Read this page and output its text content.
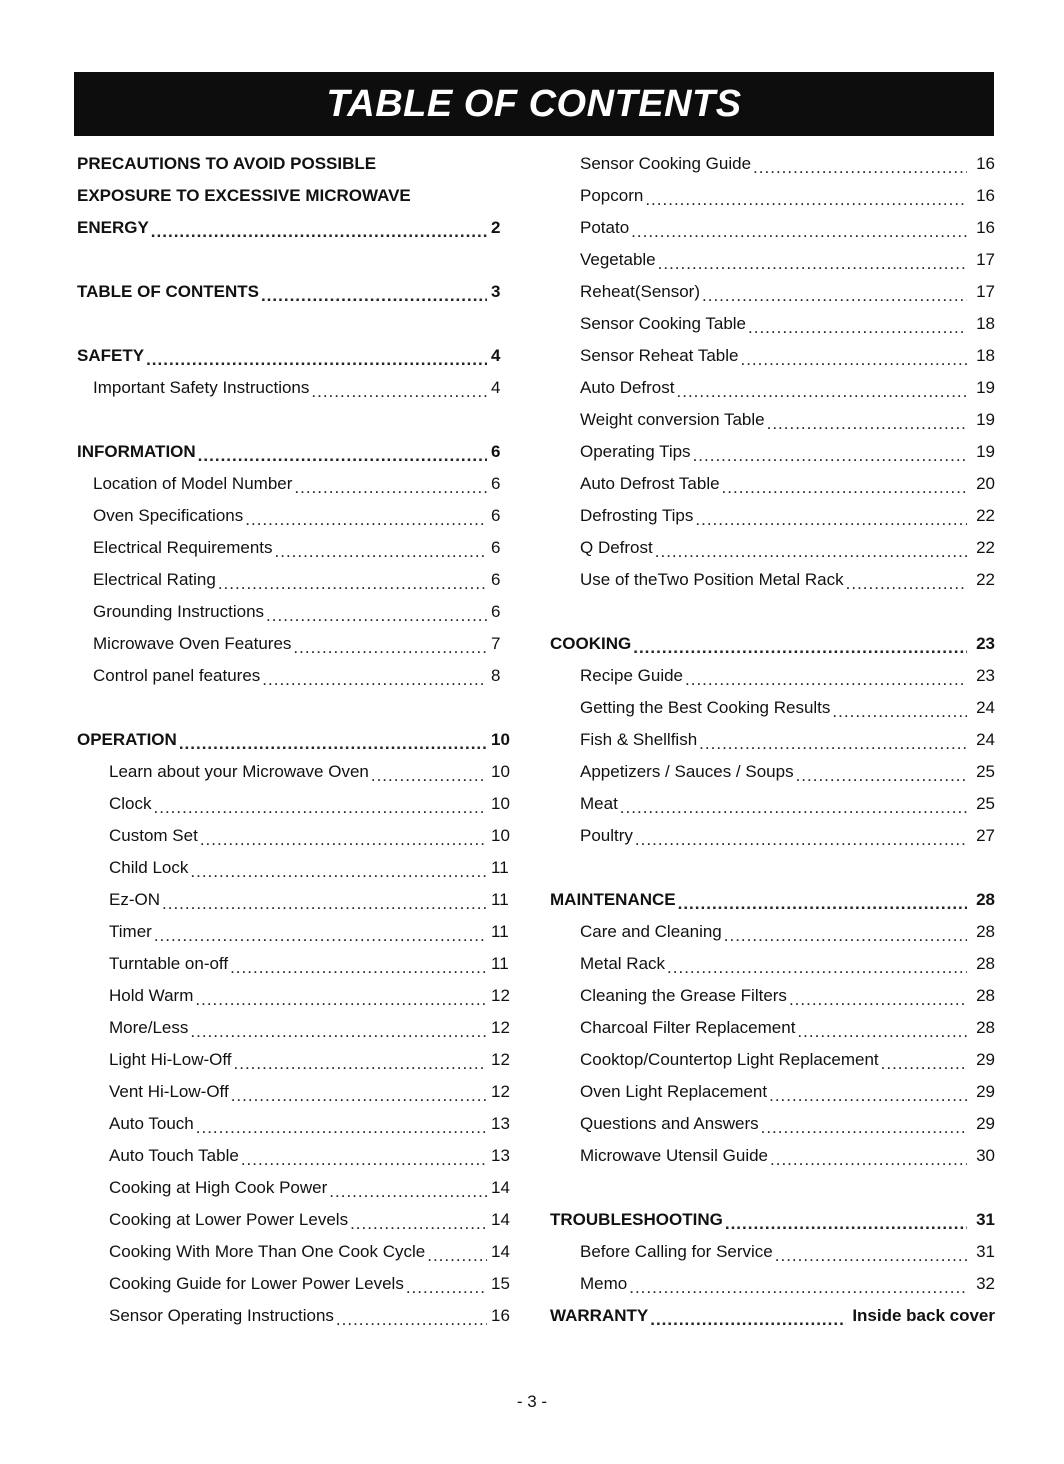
TABLE OF CONTENTS
PRECAUTIONS TO AVOID POSSIBLE
EXPOSURE TO EXCESSIVE MICROWAVE
ENERGY .....	2
TABLE OF CONTENTS .....	3
SAFETY .....	4
Important Safety Instructions .....	4
INFORMATION .....	6
Location of Model Number .....	6
Oven Specifications .....	6
Electrical Requirements .....	6
Electrical Rating .....	6
Grounding Instructions .....	6
Microwave Oven Features .....	7
Control panel features .....	8
OPERATION .....	10
Learn about your Microwave Oven .....	10
Clock .....	10
Custom Set .....	10
Child Lock .....	11
Ez-ON .....	11
Timer .....	11
Turntable on-off .....	11
Hold Warm .....	12
More/Less .....	12
Light Hi-Low-Off .....	12
Vent Hi-Low-Off .....	12
Auto Touch .....	13
Auto Touch Table .....	13
Cooking at High Cook Power .....	14
Cooking at Lower Power Levels .....	14
Cooking With More Than One Cook Cycle .....	14
Cooking Guide for Lower Power Levels .....	15
Sensor Operating Instructions .....	16
Sensor Cooking Guide .....	16
Popcorn .....	16
Potato .....	16
Vegetable .....	17
Reheat(Sensor) .....	17
Sensor Cooking Table .....	18
Sensor Reheat Table .....	18
Auto Defrost .....	19
Weight conversion Table .....	19
Operating Tips .....	19
Auto Defrost Table .....	20
Defrosting Tips .....	22
Q Defrost .....	22
Use of theTwo Position Metal Rack .....	22
COOKING .....	23
Recipe Guide .....	23
Getting the Best Cooking Results .....	24
Fish & Shellfish .....	24
Appetizers / Sauces / Soups .....	25
Meat .....	25
Poultry .....	27
MAINTENANCE .....	28
Care and Cleaning .....	28
Metal Rack .....	28
Cleaning the Grease Filters .....	28
Charcoal Filter Replacement .....	28
Cooktop/Countertop Light Replacement .....	29
Oven Light Replacement .....	29
Questions and Answers .....	29
Microwave Utensil Guide .....	30
TROUBLESHOOTING .....	31
Before Calling for Service .....	31
Memo .....	32
WARRANTY .....	Inside back cover
- 3 -
